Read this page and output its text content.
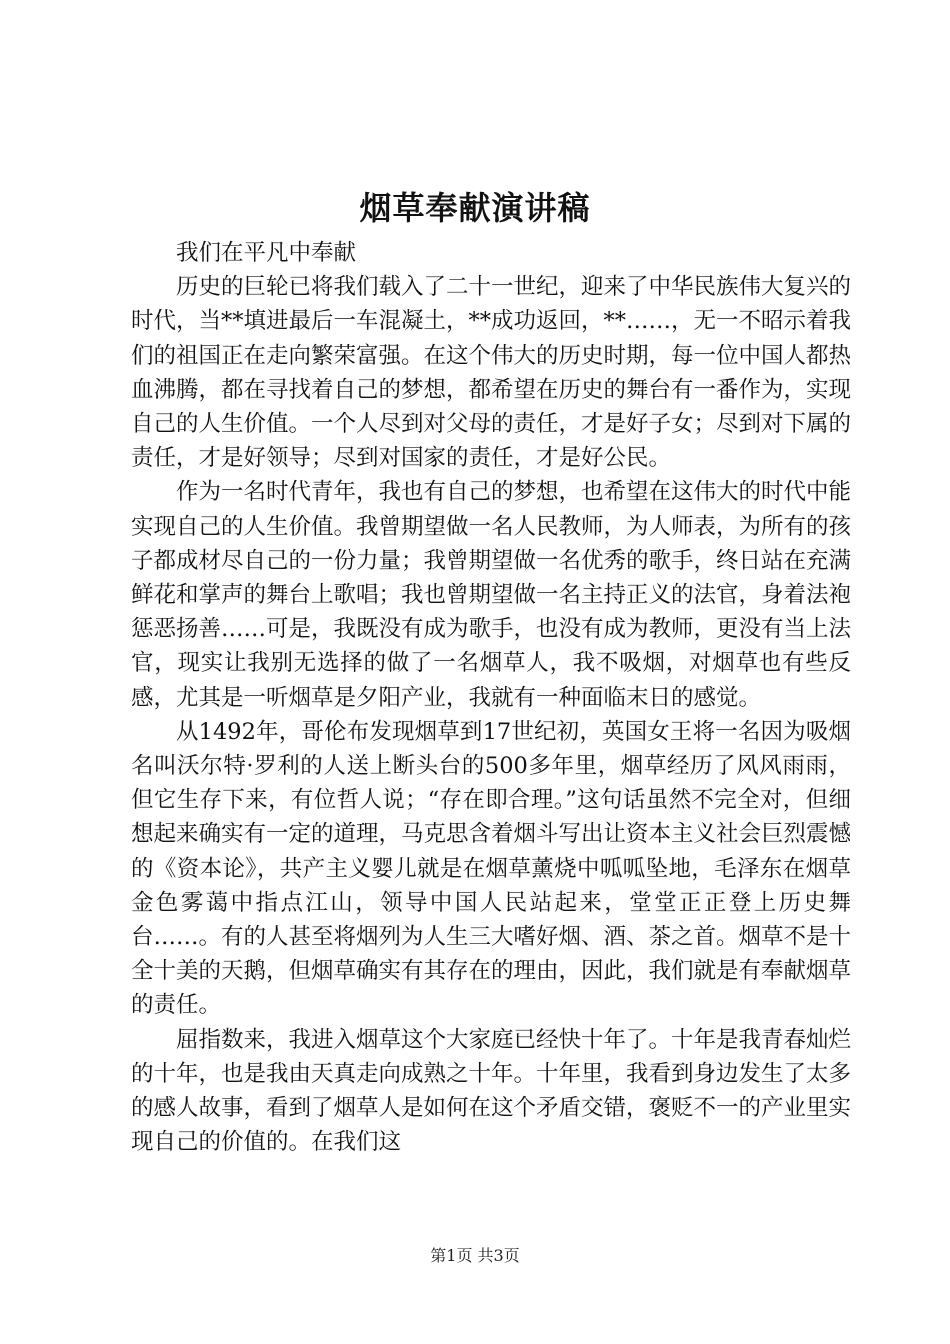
烟草奉献演讲稿

我们在平凡中奉献

历史的巨轮已将我们载入了二十一世纪，迎来了中华民族伟大复兴的时代，当**填进最后一车混凝土，**成功返回，**……，无一不昭示着我们的祖国正在走向繁荣富强。在这个伟大的历史时期，每一位中国人都热血沸腾，都在寻找着自己的梦想，都希望在历史的舞台有一番作为，实现自己的人生价值。一个人尽到对父母的责任，才是好子女；尽到对下属的责任，才是好领导；尽到对国家的责任，才是好公民。

作为一名时代青年，我也有自己的梦想，也希望在这伟大的时代中能实现自己的人生价值。我曾期望做一名人民教师，为人师表，为所有的孩子都成材尽自己的一份力量；我曾期望做一名优秀的歌手，终日站在充满鲜花和掌声的舞台上歌唱；我也曾期望做一名主持正义的法官，身着法袍惩恶扬善……可是，我既没有成为歌手，也没有成为教师，更没有当上法官，现实让我别无选择的做了一名烟草人，我不吸烟，对烟草也有些反感，尤其是一听烟草是夕阳产业，我就有一种面临末日的感觉。

从1492年，哥伦布发现烟草到17世纪初，英国女王将一名因为吸烟名叫沃尔特·罗利的人送上断头台的500多年里，烟草经历了风风雨雨，但它生存下来，有位哲人说；“存在即合理。”这句话虽然不完全对，但细想起来确实有一定的道理，马克思含着烟斗写出让资本主义社会巨烈震憾的《资本论》，共产主义婴儿就是在烟草薰烧中呱呱坠地，毛泽东在烟草金色雾蔼中指点江山，领导中国人民站起来，堂堂正正登上历史舞台……。有的人甚至将烟列为人生三大嗜好烟、酒、茶之首。烟草不是十全十美的天鹅，但烟草确实有其存在的理由，因此，我们就是有奉献烟草的责任。

屈指数来，我进入烟草这个大家庭已经快十年了。十年是我青春灿烂的十年，也是我由天真走向成熟之十年。十年里，我看到身边发生了太多的感人故事，看到了烟草人是如何在这个矛盾交错，褒贬不一的产业里实现自己的价值的。在我们这

第1页 共3页
